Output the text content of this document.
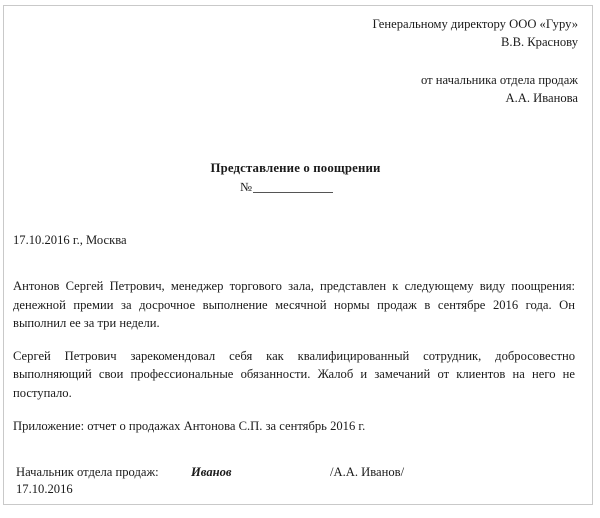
Генеральному директору ООО «Гуру»
В.В. Краснову
от начальника отдела продаж
А.А. Иванова
Представление о поощрении
№
17.10.2016 г., Москва

Антонов Сергей Петрович, менеджер торгового зала, представлен к следующему виду поощрения: денежной премии за досрочное выполнение месячной нормы продаж в сентябре 2016 года. Он выполнил ее за три недели.

Сергей Петрович зарекомендовал себя как квалифицированный сотрудник, добросовестно выполняющий свои профессиональные обязанности. Жалоб и замечаний от клиентов на него не поступало.

Приложение: отчет о продажах Антонова С.П. за сентябрь 2016 г.
Начальник отдела продаж:	Иванов	/А.А. Иванов/
17.10.2016
